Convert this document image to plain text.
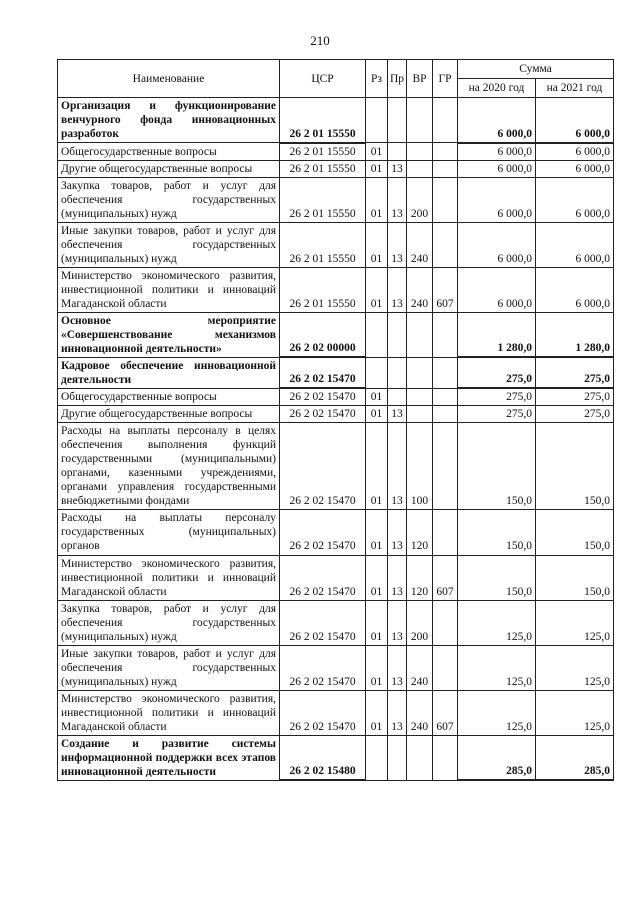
210
Наименование	ЦСР	Рз	Пр	ВР	ГР	Сумма	
						на 2020 год	на 2021 год
Организация и функционирование венчурного фонда инновационных разработок	26 2 01 15550					6 000,0	6 000,0
Общегосударственные вопросы	26 2 01 15550	01				6 000,0	6 000,0
Другие общегосударственные вопросы	26 2 01 15550	01	13			6 000,0	6 000,0
Закупка товаров, работ и услуг для обеспечения государственных (муниципальных) нужд	26 2 01 15550	01	13	200		6 000,0	6 000,0
Иные закупки товаров, работ и услуг для обеспечения государственных (муниципальных) нужд	26 2 01 15550	01	13	240		6 000,0	6 000,0
Министерство экономического развития, инвестиционной политики и инноваций Магаданской области	26 2 01 15550	01	13	240	607	6 000,0	6 000,0
Основное мероприятие «Совершенствование механизмов инновационной деятельности»	26 2 02 00000					1 280,0	1 280,0
Кадровое обеспечение инновационной деятельности	26 2 02 15470					275,0	275,0
Общегосударственные вопросы	26 2 02 15470	01				275,0	275,0
Другие общегосударственные вопросы	26 2 02 15470	01	13			275,0	275,0
Расходы на выплаты персоналу в целях обеспечения выполнения функций государственными (муниципальными) органами, казенными учреждениями, органами управления государственными внебюджетными фондами	26 2 02 15470	01	13	100		150,0	150,0
Расходы на выплаты персоналу государственных (муниципальных) органов	26 2 02 15470	01	13	120		150,0	150,0
Министерство экономического развития, инвестиционной политики и инноваций Магаданской области	26 2 02 15470	01	13	120	607	150,0	150,0
Закупка товаров, работ и услуг для обеспечения государственных (муниципальных) нужд	26 2 02 15470	01	13	200		125,0	125,0
Иные закупки товаров, работ и услуг для обеспечения государственных (муниципальных) нужд	26 2 02 15470	01	13	240		125,0	125,0
Министерство экономического развития, инвестиционной политики и инноваций Магаданской области	26 2 02 15470	01	13	240	607	125,0	125,0
Создание и развитие системы информационной поддержки всех этапов инновационной деятельности	26 2 02 15480					285,0	285,0
